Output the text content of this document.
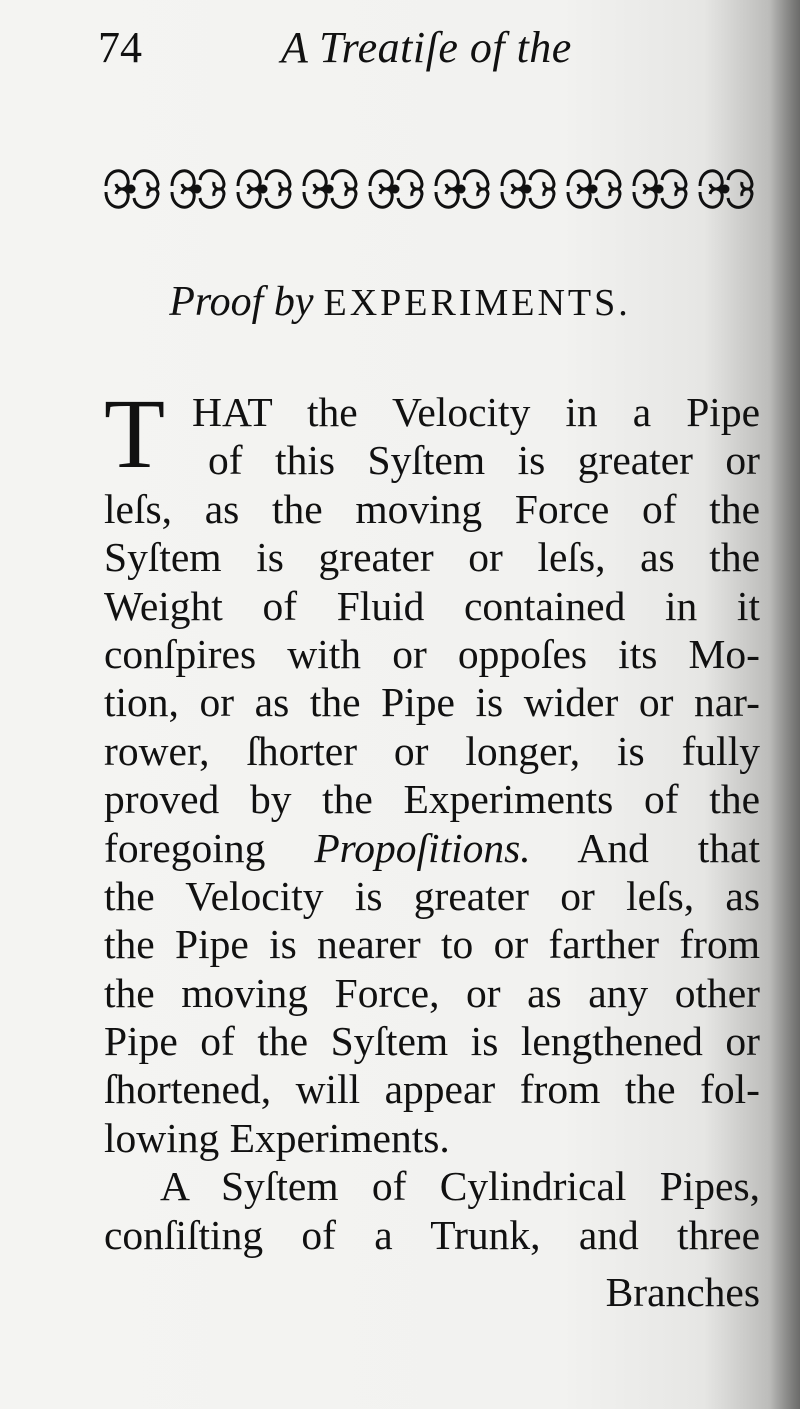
74	A Treatiſe of the
Proof by EXPERIMENTS.
T HAT the Velocity in a Pipe
of this Syſtem is greater or
leſs, as the moving Force of the
Syſtem is greater or leſs, as the
Weight of Fluid contained in it
conſpires with or oppoſes its Mo-
tion, or as the Pipe is wider or nar-
rower, ſhorter or longer, is fully
proved by the Experiments of the
foregoing Propoſitions. And that
the Velocity is greater or leſs, as
the Pipe is nearer to or farther from
the moving Force, or as any other
Pipe of the Syſtem is lengthened or
ſhortened, will appear from the fol-
lowing Experiments.
A Syſtem of Cylindrical Pipes,
conſiſting of a Trunk, and three
Branches
